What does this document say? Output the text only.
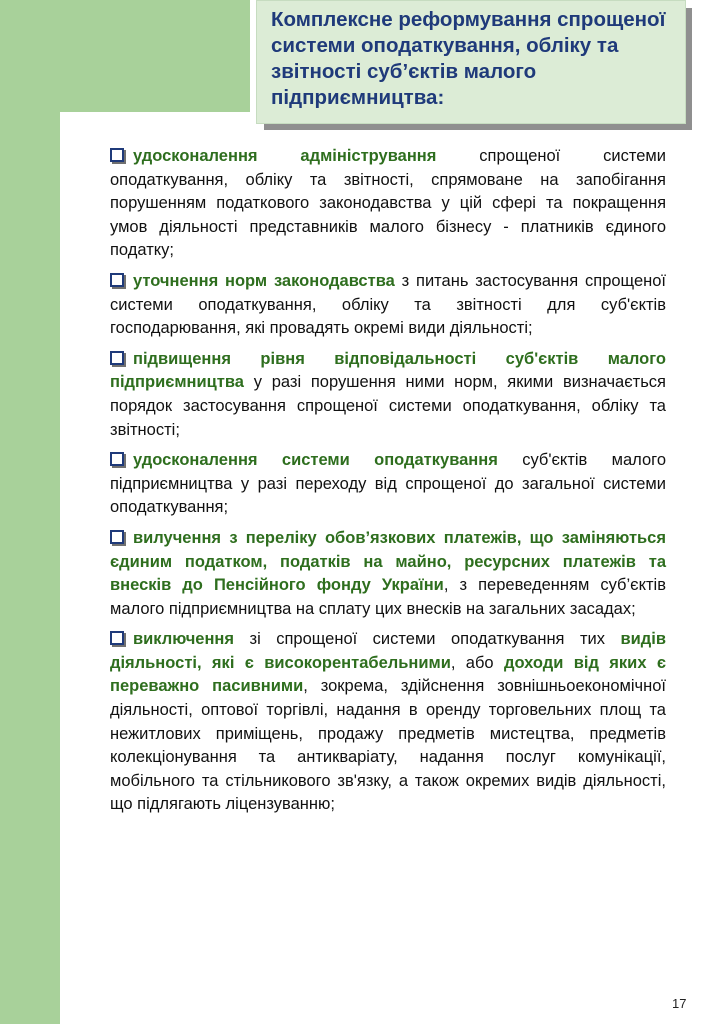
Комплексне реформування спрощеної системи оподаткування, обліку та звітності суб’єктів малого підприємництва:

удосконалення адміністрування спрощеної системи оподаткування, обліку та звітності, спрямоване на запобігання порушенням податкового законодавства у цій сфері та покращення умов діяльності представників малого бізнесу - платників єдиного податку;

уточнення норм законодавства з питань застосування спрощеної системи оподаткування, обліку та звітності для суб'єктів господарювання, які провадять окремі види діяльності;

підвищення рівня відповідальності суб'єктів малого підприємництва у разі порушення ними норм, якими визначається порядок застосування спрощеної системи оподаткування, обліку та звітності;

удосконалення системи оподаткування суб'єктів малого підприємництва у разі переходу від спрощеної до загальної системи оподаткування;

вилучення з переліку обов’язкових платежів, що заміняються єдиним податком, податків на майно, ресурсних платежів та внесків до Пенсійного фонду України, з переведенням суб’єктів малого підприємництва на сплату цих внесків на загальних засадах;

виключення зі спрощеної системи оподаткування тих видів діяльності, які є високорентабельними, або доходи від яких є переважно пасивними, зокрема, здійснення зовнішньоекономічної діяльності, оптової торгівлі, надання в оренду торговельних площ та нежитлових приміщень, продажу предметів мистецтва, предметів колекціонування та антикваріату, надання послуг комунікації, мобільного та стільникового зв'язку, а також окремих видів діяльності, що підлягають ліцензуванню;

17
